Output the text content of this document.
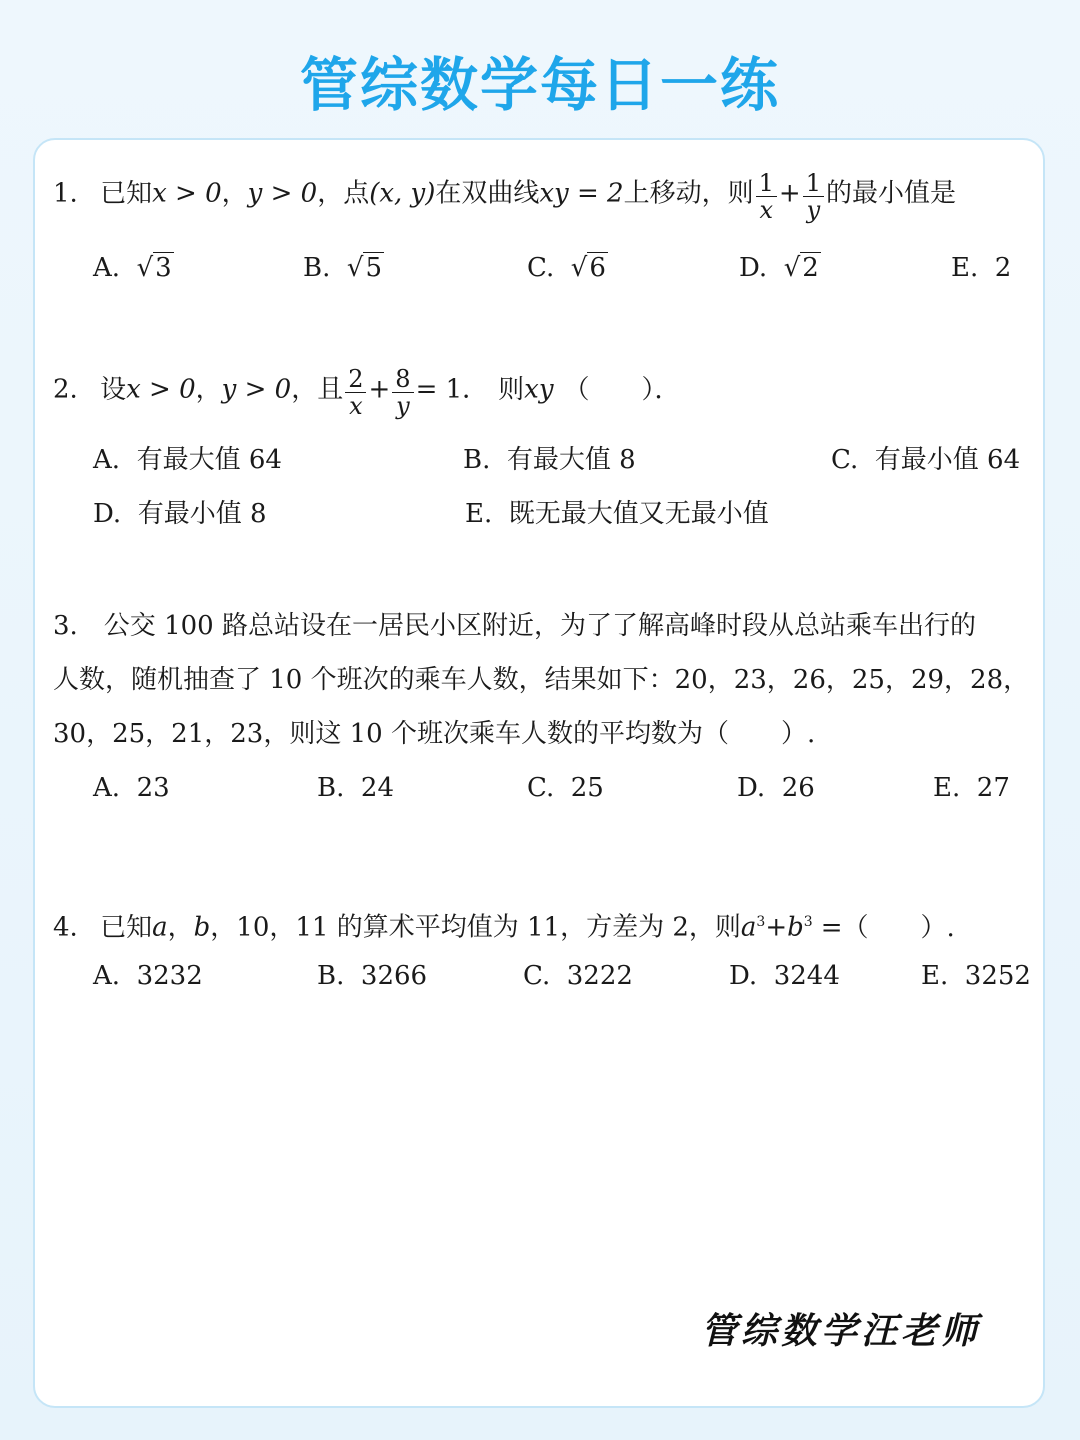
管综数学每日一练
1. 已知x > 0，y > 0，点(x, y)在双曲线xy = 2上移动，则 $\frac{1}{x} + \frac{1}{y}$ 的最小值是
A. √3	B. √5	C. √6	D. √2	E. 2
2. 设x > 0，y > 0，且 $\frac{2}{x} + \frac{8}{y} = 1$． 则xy （　　）．
A. 有最大值 64	B. 有最大值 8	C. 有最小值 64
D. 有最小值 8	E. 既无最大值又无最小值
3.　公交 100 路总站设在一居民小区附近，为了了解高峰时段从总站乘车出行的
人数，随机抽查了 10 个班次的乘车人数，结果如下：20，23，26，25，29，28，
30，25，21，23，则这 10 个班次乘车人数的平均数为（　　）.
A. 23	B. 24	C. 25	D. 26	E. 27
4. 已知a，b，10，11 的算术平均值为 11，方差为 2，则$a^3+b^3$ =（　　）.
A. 3232	B. 3266	C. 3222	D. 3244	E. 3252
管综数学汪老师
